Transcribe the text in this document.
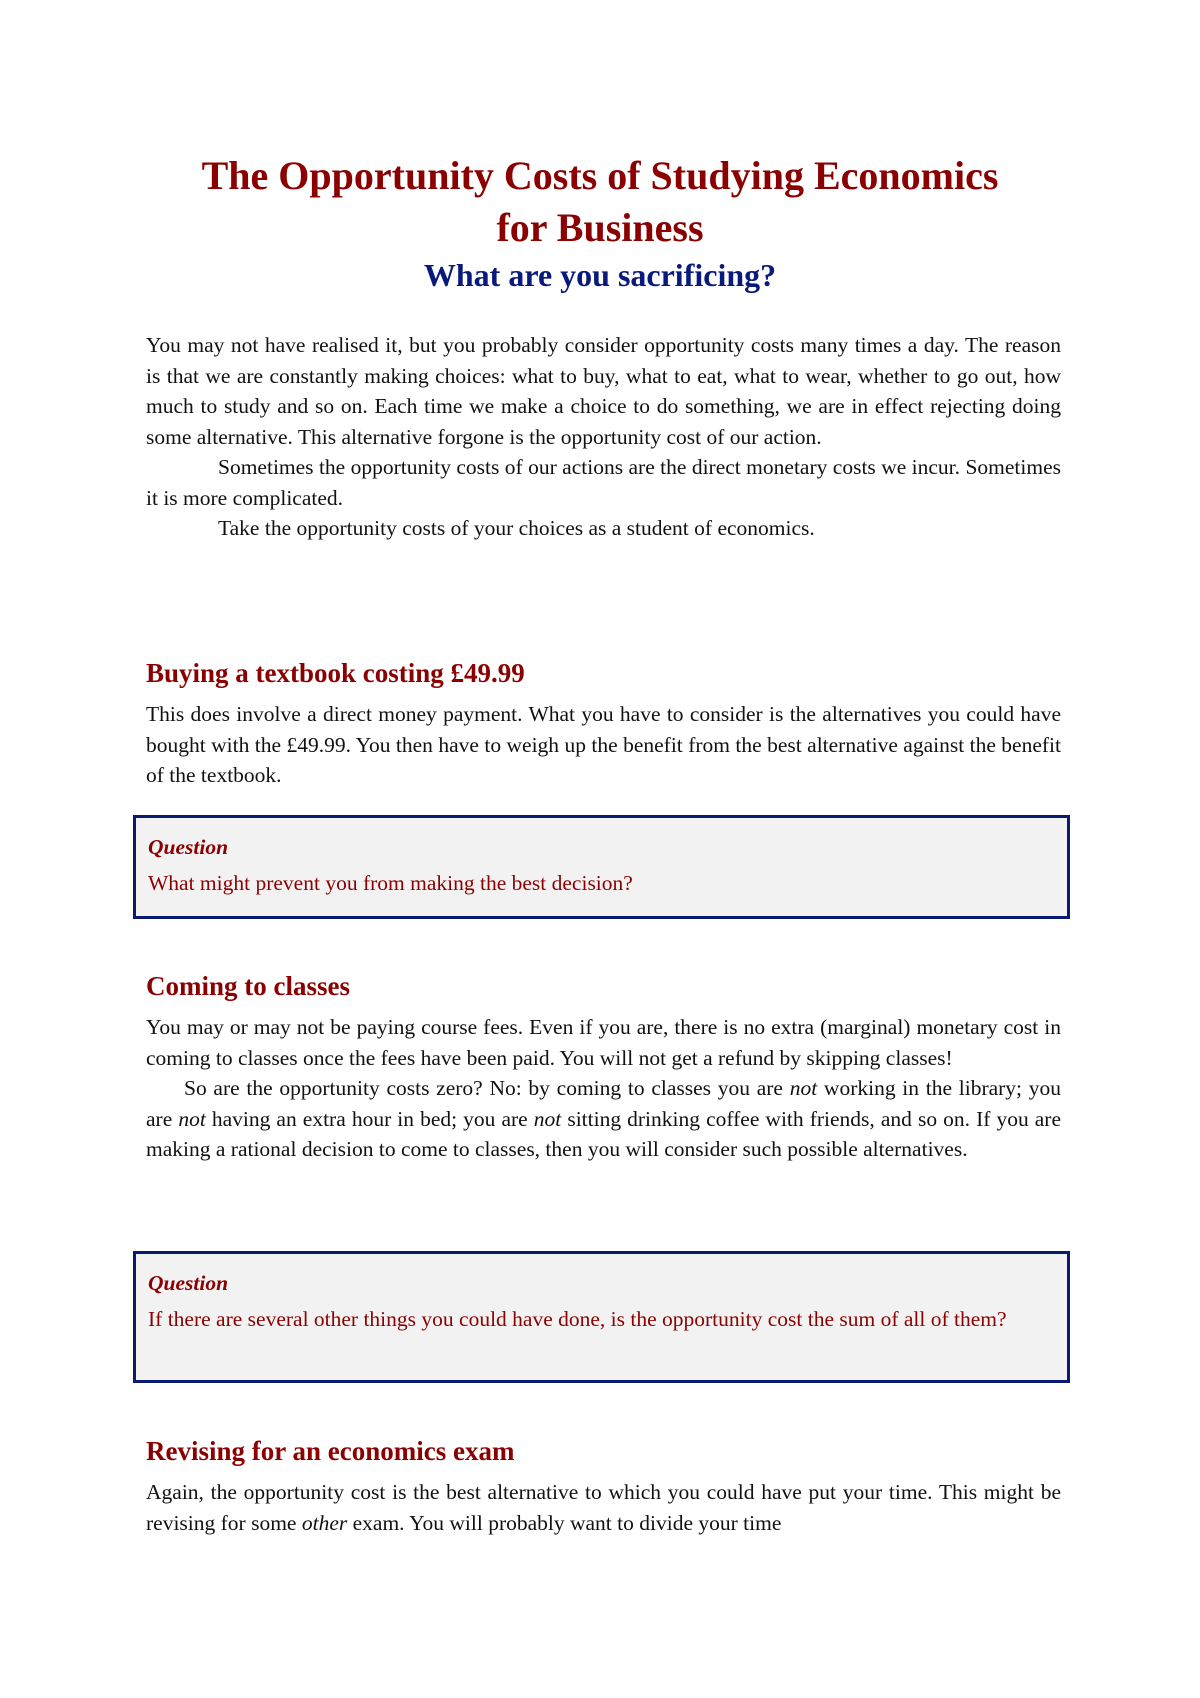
The Opportunity Costs of Studying Economics
for Business
What are you sacrificing?

You may not have realised it, but you probably consider opportunity costs many times a day. The reason is that we are constantly making choices: what to buy, what to eat, what to wear, whether to go out, how much to study and so on. Each time we make a choice to do something, we are in effect rejecting doing some alternative. This alternative forgone is the opportunity cost of our action.

Sometimes the opportunity costs of our actions are the direct monetary costs we incur. Sometimes it is more complicated.

Take the opportunity costs of your choices as a student of economics.

Buying a textbook costing £49.99

This does involve a direct money payment. What you have to consider is the alternatives you could have bought with the £49.99. You then have to weigh up the benefit from the best alternative against the benefit of the textbook.

Question

What might prevent you from making the best decision?

Coming to classes

You may or may not be paying course fees. Even if you are, there is no extra (marginal) monetary cost in coming to classes once the fees have been paid. You will not get a refund by skipping classes!

So are the opportunity costs zero? No: by coming to classes you are not working in the library; you are not having an extra hour in bed; you are not sitting drinking coffee with friends, and so on. If you are making a rational decision to come to classes, then you will consider such possible alternatives.

Question

If there are several other things you could have done, is the opportunity cost the sum of all of them?

Revising for an economics exam

Again, the opportunity cost is the best alternative to which you could have put your time. This might be revising for some other exam. You will probably want to divide your time
